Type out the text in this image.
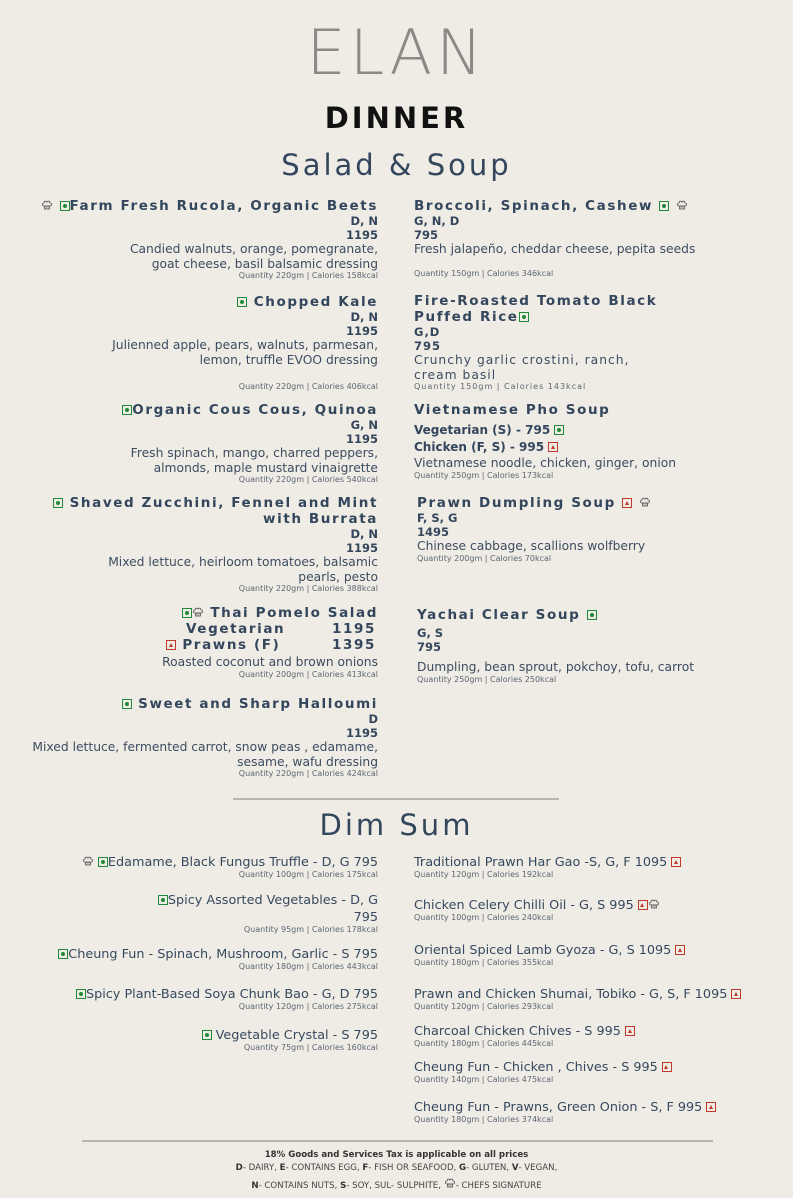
ELAN
DINNER
Salad & Soup
Farm Fresh Rucola, Organic Beets
D, N
1195
Candied walnuts, orange, pomegranate,
goat cheese, basil balsamic dressing
Quantity 220gm | Calories 158kcal
Chopped Kale
D, N
1195
Julienned apple, pears, walnuts, parmesan,
lemon, truffle EVOO dressing
Quantity 220gm | Calories 406kcal
Organic Cous Cous, Quinoa
G, N
1195
Fresh spinach, mango, charred peppers,
almonds, maple mustard vinaigrette
Quantity 220gm | Calories 540kcal
Shaved Zucchini, Fennel and Mint
with Burrata
D, N
1195
Mixed lettuce, heirloom tomatoes, balsamic
pearls, pesto
Quantity 220gm | Calories 388kcal
Thai Pomelo Salad
Vegetarian	1195
Prawns (F)	1395
Roasted coconut and brown onions
Quantity 200gm | Calories 413kcal
Sweet and Sharp Halloumi
D
1195
Mixed lettuce, fermented carrot, snow peas , edamame,
sesame, wafu dressing
Quantity 220gm | Calories 424kcal
Broccoli, Spinach, Cashew
G, N, D
795
Fresh jalapeño, cheddar cheese, pepita seeds
Quantity 150gm | Calories 346kcal
Fire-Roasted Tomato Black
Puffed Rice
G,D
795
Crunchy garlic crostini, ranch,
cream basil
Quantity 150gm | Calories 143kcal
Vietnamese Pho Soup
Vegetarian (S) - 795
Chicken (F, S) - 995
Vietnamese noodle, chicken, ginger, onion
Quantity 250gm | Calories 173kcal
Prawn Dumpling Soup
F, S, G
1495
Chinese cabbage, scallions wolfberry
Quantity 200gm | Calories 70kcal
Yachai Clear Soup
G, S
795
Dumpling, bean sprout, pokchoy, tofu, carrot
Quantity 250gm | Calories 250kcal
Dim Sum
Edamame, Black Fungus Truffle - D, G 795
Quantity 100gm | Calories 175kcal
Spicy Assorted Vegetables - D, G
795
Quantity 95gm | Calories 178kcal
Cheung Fun - Spinach, Mushroom, Garlic - S 795
Quantity 180gm | Calories 443kcal
Spicy Plant-Based Soya Chunk Bao - G, D 795
Quantity 120gm | Calories 275kcal
Vegetable Crystal - S 795
Quantity 75gm | Calories 160kcal
Traditional Prawn Har Gao -S, G, F 1095
Quantity 120gm | Calories 192kcal
Chicken Celery Chilli Oil - G, S 995
Quantity 100gm | Calories 240kcal
Oriental Spiced Lamb Gyoza - G, S 1095
Quantity 180gm | Calories 355kcal
Prawn and Chicken Shumai, Tobiko - G, S, F 1095
Quantity 120gm | Calories 293kcal
Charcoal Chicken Chives - S 995
Quantity 180gm | Calories 445kcal
Cheung Fun - Chicken , Chives - S 995
Quantity 140gm | Calories 475kcal
Cheung Fun - Prawns, Green Onion - S, F 995
Quantity 180gm | Calories 374kcal
18% Goods and Services Tax is applicable on all prices
D- DAIRY, E- CONTAINS EGG, F- FISH OR SEAFOOD, G- GLUTEN, V- VEGAN,
N- CONTAINS NUTS, S- SOY, SUL- SULPHITE, - CHEFS SIGNATURE
